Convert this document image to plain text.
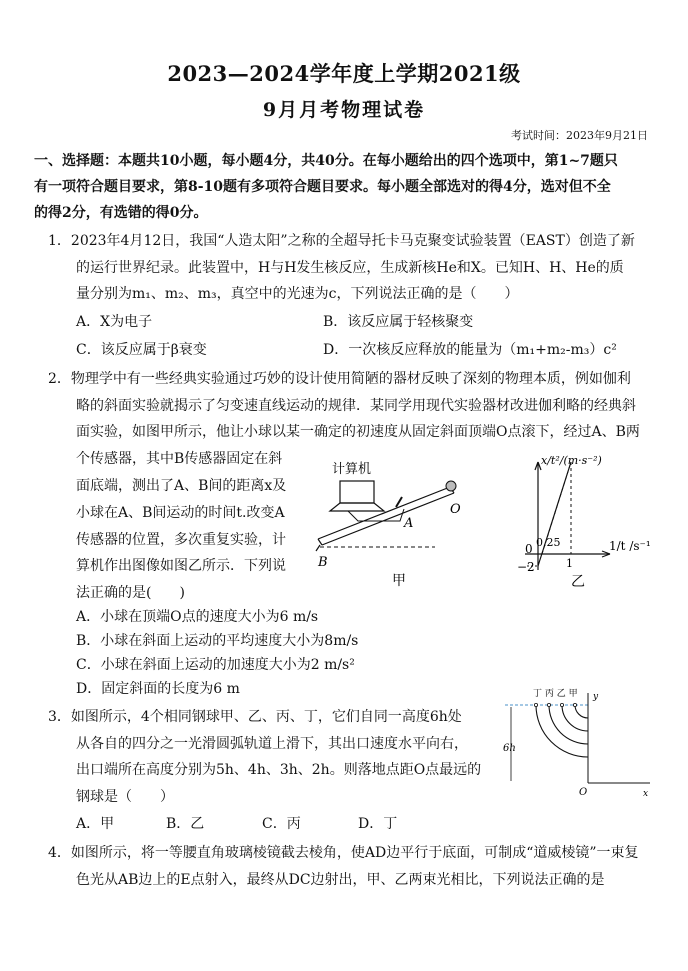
2023—2024学年度上学期2021级
9月月考物理试卷
考试时间：2023年9月21日
一、选择题：本题共10小题，每小题4分，共40分。在每小题给出的四个选项中，第1~7题只
有一项符合题目要求，第8-10题有多项符合题目要求。每小题全部选对的得4分，选对但不全
的得2分，有选错的得0分。
1．2023年4月12日，我国“人造太阳”之称的全超导托卡马克聚变试验装置（EAST）创造了新
的运行世界纪录。此装置中，H与H发生核反应，生成新核He和X。已知H、H、He的质
量分别为m₁、m₂、m₃，真空中的光速为c，下列说法正确的是（　　）
A．X为电子	B．该反应属于轻核聚变
C．该反应属于β衰变	D．一次核反应释放的能量为（m₁+m₂-m₃）c²
2．物理学中有一些经典实验通过巧妙的设计使用简陋的器材反映了深刻的物理本质，例如伽利
略的斜面实验就揭示了匀变速直线运动的规律．某同学用现代实验器材改进伽利略的经典斜
面实验，如图甲所示，他让小球以某一确定的初速度从固定斜面顶端O点滚下，经过A、B两
个传感器，其中B传感器固定在斜
面底端，测出了A、B间的距离x及
小球在A、B间运动的时间t.改变A
传感器的位置，多次重复实验，计
算机作出图像如图乙所示．下列说
法正确的是(　　)
A．小球在顶端O点的速度大小为6 m/s
B．小球在斜面上运动的平均速度大小为8m/s
C．小球在斜面上运动的加速度大小为2 m/s²
D．固定斜面的长度为6 m
计算机
O
A
B
甲
x/t²/(m·s⁻²)
1/t /s⁻¹
0 0.25
1
−2
乙
3．如图所示，4个相同钢球甲、乙、丙、丁，它们自同一高度6h处
从各自的四分之一光滑圆弧轨道上滑下，其出口速度水平向右，
出口端所在高度分别为5h、4h、3h、2h。则落地点距O点最远的
钢球是（　　）
A．甲	B．乙	C．丙	D．丁
丁 丙 乙 甲
6h
y
x
O
4．如图所示，将一等腰直角玻璃棱镜截去棱角，使AD边平行于底面，可制成“道威棱镜”一束复
色光从AB边上的E点射入，最终从DC边射出，甲、乙两束光相比，下列说法正确的是
